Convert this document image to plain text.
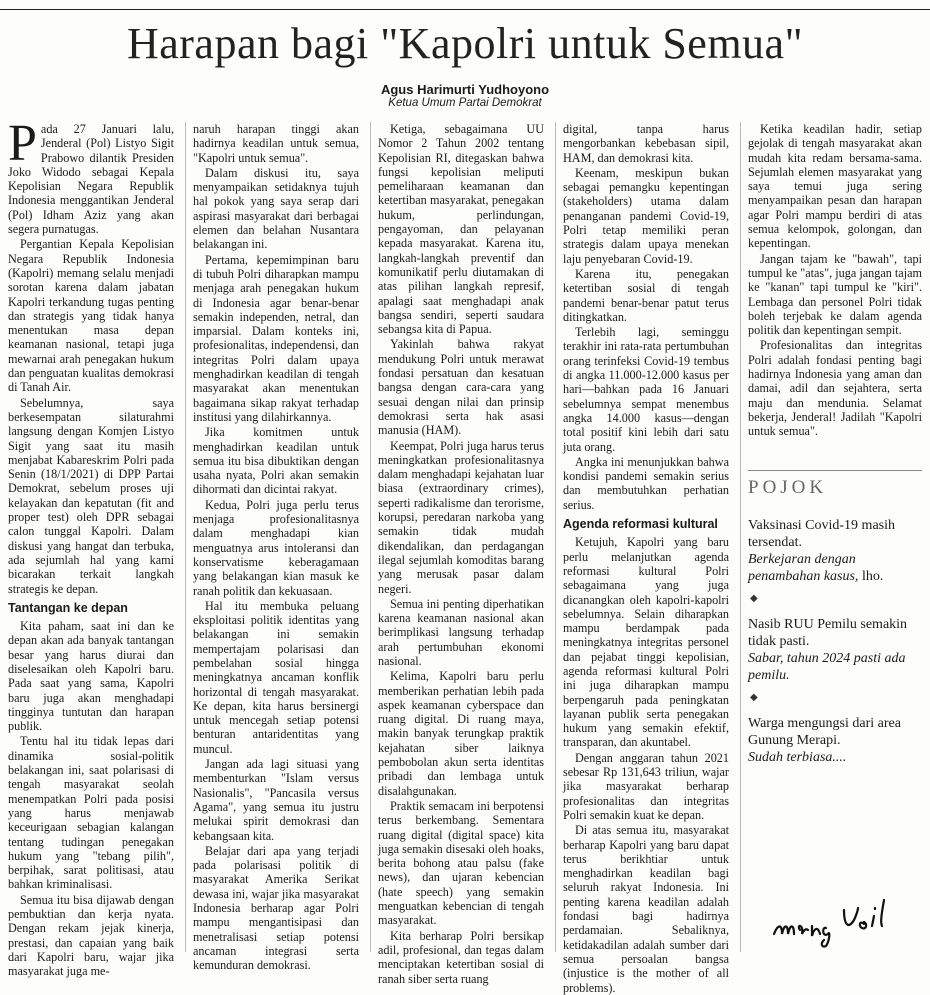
Harapan bagi "Kapolri untuk Semua"
Agus Harimurti Yudhoyono
Ketua Umum Partai Demokrat

Pada 27 Januari lalu, Jenderal (Pol) Listyo Sigit Prabowo dilantik Presiden Joko Widodo sebagai Kepala Kepolisian Negara Republik Indonesia menggantikan Jenderal (Pol) Idham Aziz yang akan segera purnatugas.

Pergantian Kepala Kepolisian Negara Republik Indonesia (Kapolri) memang selalu menjadi sorotan karena dalam jabatan Kapolri terkandung tugas penting dan strategis yang tidak hanya menentukan masa depan keamanan nasional, tetapi juga mewarnai arah penegakan hukum dan penguatan kualitas demokrasi di Tanah Air.

Sebelumnya, saya berkesempatan silaturahmi langsung dengan Komjen Listyo Sigit yang saat itu masih menjabat Kabareskrim Polri pada Senin (18/1/2021) di DPP Partai Demokrat, sebelum proses uji kelayakan dan kepatutan (fit and proper test) oleh DPR sebagai calon tunggal Kapolri. Dalam diskusi yang hangat dan terbuka, ada sejumlah hal yang kami bicarakan terkait langkah strategis ke depan.

Tantangan ke depan

Kita paham, saat ini dan ke depan akan ada banyak tantangan besar yang harus diurai dan diselesaikan oleh Kapolri baru. Pada saat yang sama, Kapolri baru juga akan menghadapi tingginya tuntutan dan harapan publik.

Tentu hal itu tidak lepas dari dinamika sosial-politik belakangan ini, saat polarisasi di tengah masyarakat seolah menempatkan Polri pada posisi yang harus menjawab keceurigaan sebagian kalangan tentang tudingan penegakan hukum yang "tebang pilih", berpihak, sarat politisasi, atau bahkan kriminalisasi.

Semua itu bisa dijawab dengan pembuktian dan kerja nyata. Dengan rekam jejak kinerja, prestasi, dan capaian yang baik dari Kapolri baru, wajar jika masyarakat juga me-

naruh harapan tinggi akan hadirnya keadilan untuk semua, "Kapolri untuk semua".

Dalam diskusi itu, saya menyampaikan setidaknya tujuh hal pokok yang saya serap dari aspirasi masyarakat dari berbagai elemen dan belahan Nusantara belakangan ini.

Pertama, kepemimpinan baru di tubuh Polri diharapkan mampu menjaga arah penegakan hukum di Indonesia agar benar-benar semakin independen, netral, dan imparsial. Dalam konteks ini, profesionalitas, independensi, dan integritas Polri dalam upaya menghadirkan keadilan di tengah masyarakat akan menentukan bagaimana sikap rakyat terhadap institusi yang dilahirkannya.

Jika komitmen untuk menghadirkan keadilan untuk semua itu bisa dibuktikan dengan usaha nyata, Polri akan semakin dihormati dan dicintai rakyat.

Kedua, Polri juga perlu terus menjaga profesionalitasnya dalam menghadapi kian menguatnya arus intoleransi dan konservatisme keberagamaan yang belakangan kian masuk ke ranah politik dan kekuasaan.

Hal itu membuka peluang eksploitasi politik identitas yang belakangan ini semakin mempertajam polarisasi dan pembelahan sosial hingga meningkatnya ancaman konflik horizontal di tengah masyarakat. Ke depan, kita harus bersinergi untuk mencegah setiap potensi benturan antaridentitas yang muncul.

Jangan ada lagi situasi yang membenturkan "Islam versus Nasionalis", "Pancasila versus Agama", yang semua itu justru melukai spirit demokrasi dan kebangsaan kita.

Belajar dari apa yang terjadi pada polarisasi politik di masyarakat Amerika Serikat dewasa ini, wajar jika masyarakat Indonesia berharap agar Polri mampu mengantisipasi dan menetralisasi setiap potensi ancaman integrasi serta kemunduran demokrasi.

Ketiga, sebagaimana UU Nomor 2 Tahun 2002 tentang Kepolisian RI, ditegaskan bahwa fungsi kepolisian meliputi pemeliharaan keamanan dan ketertiban masyarakat, penegakan hukum, perlindungan, pengayoman, dan pelayanan kepada masyarakat. Karena itu, langkah-langkah preventif dan komunikatif perlu diutamakan di atas pilihan langkah represif, apalagi saat menghadapi anak bangsa sendiri, seperti saudara sebangsa kita di Papua.

Yakinlah bahwa rakyat mendukung Polri untuk merawat fondasi persatuan dan kesatuan bangsa dengan cara-cara yang sesuai dengan nilai dan prinsip demokrasi serta hak asasi manusia (HAM).

Keempat, Polri juga harus terus meningkatkan profesionalitasnya dalam menghadapi kejahatan luar biasa (extraordinary crimes), seperti radikalisme dan terorisme, korupsi, peredaran narkoba yang semakin tidak mudah dikendalikan, dan perdagangan ilegal sejumlah komoditas barang yang merusak pasar dalam negeri.

Semua ini penting diperhatikan karena keamanan nasional akan berimplikasi langsung terhadap arah pertumbuhan ekonomi nasional.

Kelima, Kapolri baru perlu memberikan perhatian lebih pada aspek keamanan cyberspace dan ruang digital. Di ruang maya, makin banyak terungkap praktik kejahatan siber laiknya pembobolan akun serta identitas pribadi dan lembaga untuk disalahgunakan.

Praktik semacam ini berpotensi terus berkembang. Sementara ruang digital (digital space) kita juga semakin disesaki oleh hoaks, berita bohong atau palsu (fake news), dan ujaran kebencian (hate speech) yang semakin menguatkan kebencian di tengah masyarakat.

Kita berharap Polri bersikap adil, profesional, dan tegas dalam menciptakan ketertiban sosial di ranah siber serta ruang

digital, tanpa harus mengorbankan kebebasan sipil, HAM, dan demokrasi kita.

Keenam, meskipun bukan sebagai pemangku kepentingan (stakeholders) utama dalam penanganan pandemi Covid-19, Polri tetap memiliki peran strategis dalam upaya menekan laju penyebaran Covid-19.

Karena itu, penegakan ketertiban sosial di tengah pandemi benar-benar patut terus ditingkatkan.

Terlebih lagi, seminggu terakhir ini rata-rata pertumbuhan orang terinfeksi Covid-19 tembus di angka 11.000-12.000 kasus per hari—bahkan pada 16 Januari sebelumnya sempat menembus angka 14.000 kasus—dengan total positif kini lebih dari satu juta orang.

Angka ini menunjukkan bahwa kondisi pandemi semakin serius dan membutuhkan perhatian serius.

Agenda reformasi kultural

Ketujuh, Kapolri yang baru perlu melanjutkan agenda reformasi kultural Polri sebagaimana yang juga dicanangkan oleh kapolri-kapolri sebelumnya. Selain diharapkan mampu berdampak pada meningkatnya integritas personel dan pejabat tinggi kepolisian, agenda reformasi kultural Polri ini juga diharapkan mampu berpengaruh pada peningkatan layanan publik serta penegakan hukum yang semakin efektif, transparan, dan akuntabel.

Dengan anggaran tahun 2021 sebesar Rp 131,643 triliun, wajar jika masyarakat berharap profesionalitas dan integritas Polri semakin kuat ke depan.

Di atas semua itu, masyarakat berharap Kapolri yang baru dapat terus berikhtiar untuk menghadirkan keadilan bagi seluruh rakyat Indonesia. Ini penting karena keadilan adalah fondasi bagi hadirnya perdamaian. Sebaliknya, ketidakadilan adalah sumber dari semua persoalan bangsa (injustice is the mother of all problems).

Ketika keadilan hadir, setiap gejolak di tengah masyarakat akan mudah kita redam bersama-sama. Sejumlah elemen masyarakat yang saya temui juga sering menyampaikan pesan dan harapan agar Polri mampu berdiri di atas semua kelompok, golongan, dan kepentingan.

Jangan tajam ke "bawah", tapi tumpul ke "atas", juga jangan tajam ke "kanan" tapi tumpul ke "kiri". Lembaga dan personel Polri tidak boleh terjebak ke dalam agenda politik dan kepentingan sempit.

Profesionalitas dan integritas Polri adalah fondasi penting bagi hadirnya Indonesia yang aman dan damai, adil dan sejahtera, serta maju dan mendunia. Selamat bekerja, Jenderal! Jadilah "Kapolri untuk semua".

POJOK
Vaksinasi Covid-19 masih tersendat.
Berkejaran dengan penambahan kasus, lho.
◆
Nasib RUU Pemilu semakin tidak pasti.
Sabar, tahun 2024 pasti ada pemilu.
◆
Warga mengungsi dari area Gunung Merapi.
Sudah terbiasa....
